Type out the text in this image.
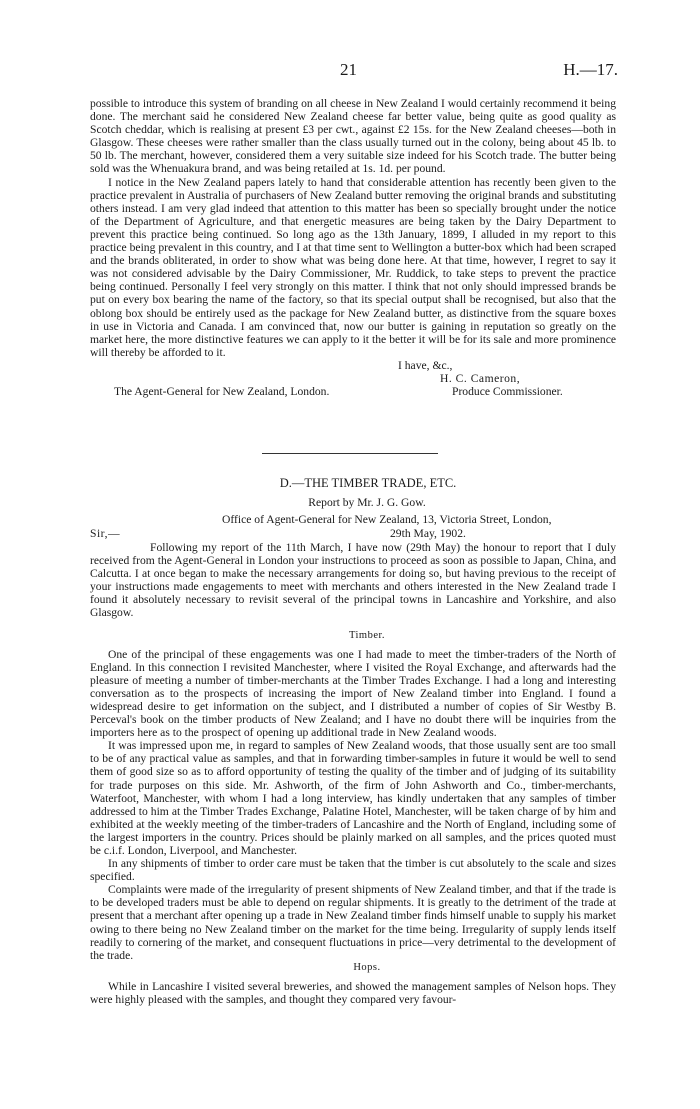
21	H.—17.

possible to introduce this system of branding on all cheese in New Zealand I would certainly recommend it being done. The merchant said he considered New Zealand cheese far better value, being quite as good quality as Scotch cheddar, which is realising at present £3 per cwt., against £2 15s. for the New Zealand cheeses—both in Glasgow. These cheeses were rather smaller than the class usually turned out in the colony, being about 45 lb. to 50 lb. The merchant, however, considered them a very suitable size indeed for his Scotch trade. The butter being sold was the Whenuakura brand, and was being retailed at 1s. 1d. per pound.

I notice in the New Zealand papers lately to hand that considerable attention has recently been given to the practice prevalent in Australia of purchasers of New Zealand butter removing the original brands and substituting others instead. I am very glad indeed that attention to this matter has been so specially brought under the notice of the Department of Agriculture, and that energetic measures are being taken by the Dairy Department to prevent this practice being continued. So long ago as the 13th January, 1899, I alluded in my report to this practice being prevalent in this country, and I at that time sent to Wellington a butter-box which had been scraped and the brands obliterated, in order to show what was being done here. At that time, however, I regret to say it was not considered advisable by the Dairy Commissioner, Mr. Ruddick, to take steps to prevent the practice being continued. Personally I feel very strongly on this matter. I think that not only should impressed brands be put on every box bearing the name of the factory, so that its special output shall be recognised, but also that the oblong box should be entirely used as the package for New Zealand butter, as distinctive from the square boxes in use in Victoria and Canada. I am convinced that, now our butter is gaining in reputation so greatly on the market here, the more distinctive features we can apply to it the better it will be for its sale and more prominence will thereby be afforded to it.

I have, &c.,
H. C. Cameron,
The Agent-General for New Zealand, London.	Produce Commissioner.
D.—THE TIMBER TRADE, ETC.
Report by Mr. J. G. Gow.
Office of Agent-General for New Zealand, 13, Victoria Street, London,
Sir,—	29th May, 1902.

Following my report of the 11th March, I have now (29th May) the honour to report that I duly received from the Agent-General in London your instructions to proceed as soon as possible to Japan, China, and Calcutta. I at once began to make the necessary arrangements for doing so, but having previous to the receipt of your instructions made engagements to meet with merchants and others interested in the New Zealand trade I found it absolutely necessary to revisit several of the principal towns in Lancashire and Yorkshire, and also Glasgow.

Timber.

One of the principal of these engagements was one I had made to meet the timber-traders of the North of England. In this connection I revisited Manchester, where I visited the Royal Exchange, and afterwards had the pleasure of meeting a number of timber-merchants at the Timber Trades Exchange. I had a long and interesting conversation as to the prospects of increasing the import of New Zealand timber into England. I found a widespread desire to get information on the subject, and I distributed a number of copies of Sir Westby B. Perceval's book on the timber products of New Zealand; and I have no doubt there will be inquiries from the importers here as to the prospect of opening up additional trade in New Zealand woods.

It was impressed upon me, in regard to samples of New Zealand woods, that those usually sent are too small to be of any practical value as samples, and that in forwarding timber-samples in future it would be well to send them of good size so as to afford opportunity of testing the quality of the timber and of judging of its suitability for trade purposes on this side. Mr. Ashworth, of the firm of John Ashworth and Co., timber-merchants, Waterfoot, Manchester, with whom I had a long interview, has kindly undertaken that any samples of timber addressed to him at the Timber Trades Exchange, Palatine Hotel, Manchester, will be taken charge of by him and exhibited at the weekly meeting of the timber-traders of Lancashire and the North of England, including some of the largest importers in the country. Prices should be plainly marked on all samples, and the prices quoted must be c.i.f. London, Liverpool, and Manchester.

In any shipments of timber to order care must be taken that the timber is cut absolutely to the scale and sizes specified.

Complaints were made of the irregularity of present shipments of New Zealand timber, and that if the trade is to be developed traders must be able to depend on regular shipments. It is greatly to the detriment of the trade at present that a merchant after opening up a trade in New Zealand timber finds himself unable to supply his market owing to there being no New Zealand timber on the market for the time being. Irregularity of supply lends itself readily to cornering of the market, and consequent fluctuations in price—very detrimental to the development of the trade.

Hops.

While in Lancashire I visited several breweries, and showed the management samples of Nelson hops. They were highly pleased with the samples, and thought they compared very favour-
